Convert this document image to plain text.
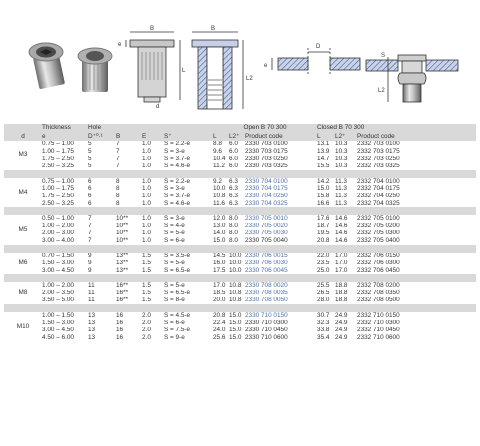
B
e
L
d
B
L2
D
e
S
L2
	Thickness	Hole				Open B 70 300			Closed B 70 300		
d	e	D⁺⁰·¹	B	E	S⁺	L	L2⁺	Product code	L	L2⁺	Product code
M3	0.75 – 1.00	5	7	1.0	S = 2.2-e	8.8	6.0	2330 703 0100	13.1	10.3	2332 703 0100
	1.00 – 1.75	5	7	1.0	S = 3-e	9.6	6.0	2330 703 0175	13.9	10.3	2332 703 0175
	1.75 – 2.50	5	7	1.0	S = 3.7-e	10.4	6.0	2330 703 0250	14.7	10.3	2332 703 0250
	2.50 – 3.25	5	7	1.0	S = 4.6-e	11.2	6.0	2330 703 0325	15.5	10.3	2332 703 0325

M4	0.75 – 1.00	6	8	1.0	S = 2.2-e	9.2	6.3	2330 704 0100	14.2	11.3	2332 704 0100
	1.00 – 1.75	6	8	1.0	S = 3-e	10.0	6.3	2330 704 0175	15.0	11.3	2332 704 0175
	1.75 – 2.50	6	8	1.0	S = 3.7-e	10.8	6.3	2330 704 0250	15.8	11.3	2332 704 0250
	2.50 – 3.25	6	8	1.0	S = 4.6-e	11.6	6.3	2330 704 0325	16.6	11.3	2332 704 0325

M5	0.50 – 1.00	7	10**	1.0	S = 3-e	12.0	8.0	2330 705 0010	17.6	14.6	2332 705 0100
	1.00 – 2.00	7	10**	1.0	S = 4-e	13.0	8.0	2330 705 0020	18.7	14.6	2332 705 0200
	2.00 – 3.00	7	10**	1.0	S = 5-e	14.0	8.0	2330 705 0030	19.5	14.6	2332 705 0300
	3.00 – 4.00	7	10**	1.0	S = 6-e	15.0	8.0	2330 705 0040	20.8	14.6	2332 705 0400

M6	0.70 – 1.50	9	13**	1.5	S = 3.5-e	14.5	10.0	2330 706 0015	22.0	17.0	2332 706 0150
	1.50 – 3.00	9	13**	1.5	S = 5-e	16.0	10.0	2330 706 0030	23.5	17.0	2332 706 0300
	3.00 – 4.50	9	13**	1.5	S = 6.5-e	17.5	10.0	2330 706 0045	25.0	17.0	2332 706 0450

M8	1.00 – 2.00	11	16**	1.5	S = 5-e	17.0	10.8	2330 708 0020	25.5	18.8	2332 708 0200
	2.00 – 3.50	11	16**	1.5	S = 6.5-e	18.5	10.8	2330 708 0035	26.5	18.8	2332 708 0350
	3.50 – 5.00	11	16**	1.5	S = 8-e	20.0	10.8	2330 708 0050	28.0	18.8	2332 708 0500

M10	1.00 – 1.50	13	16	2.0	S = 4.5-e	20.8	15.0	2330 710 0150	30.7	24.9	2332 710 0150
	1.50 – 3.00	13	16	2.0	S = 6-e	22.4	15.0	2330 710 0300	32.3	24.9	2332 710 0300
	3.00 – 4.50	13	16	2.0	S = 7.5-e	24.0	15.0	2330 710 0450	33.8	24.9	2332 710 0450
	4.50 – 6.00	13	16	2.0	S = 9-e	25.6	15.0	2330 710 0600	35.4	24.9	2332 710 0600
